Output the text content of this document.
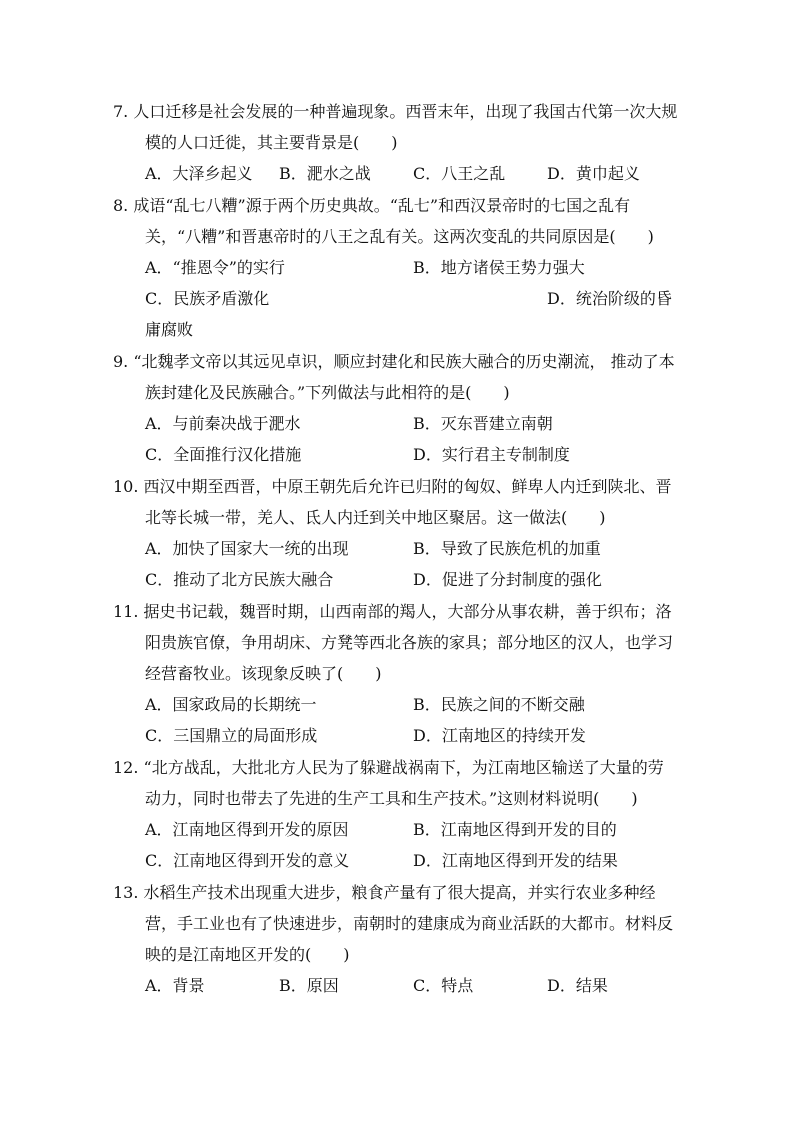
7. 人口迁移是社会发展的一种普遍现象。西晋末年，出现了我国古代第一次大规模的人口迁徙，其主要背景是(　　)
A．大泽乡起义 B．淝水之战	C．八王之乱	D．黄巾起义
8. 成语“乱七八糟”源于两个历史典故。“乱七”和西汉景帝时的七国之乱有关，“八糟”和晋惠帝时的八王之乱有关。这两次变乱的共同原因是(　　)
A．“推恩令”的实行	B．地方诸侯王势力强大
C．民族矛盾激化	D．统治阶级的昏
庸腐败
9. “北魏孝文帝以其远见卓识，顺应封建化和民族大融合的历史潮流， 推动了本族封建化及民族融合。”下列做法与此相符的是(　　)
A．与前秦决战于淝水	B．灭东晋建立南朝
C．全面推行汉化措施	D．实行君主专制制度
10. 西汉中期至西晋，中原王朝先后允许已归附的匈奴、鲜卑人内迁到陕北、晋北等长城一带，羌人、氐人内迁到关中地区聚居。这一做法(　　)
A．加快了国家大一统的出现	B．导致了民族危机的加重
C．推动了北方民族大融合	D．促进了分封制度的强化
11. 据史书记载，魏晋时期，山西南部的羯人，大部分从事农耕，善于织布；洛阳贵族官僚，争用胡床、方凳等西北各族的家具；部分地区的汉人，也学习经营畜牧业。该现象反映了(　　)
A．国家政局的长期统一	B．民族之间的不断交融
C．三国鼎立的局面形成	D．江南地区的持续开发
12. “北方战乱，大批北方人民为了躲避战祸南下，为江南地区输送了大量的劳动力，同时也带去了先进的生产工具和生产技术。”这则材料说明(　　)
A．江南地区得到开发的原因	B．江南地区得到开发的目的
C．江南地区得到开发的意义	D．江南地区得到开发的结果
13. 水稻生产技术出现重大进步，粮食产量有了很大提高，并实行农业多种经营，手工业也有了快速进步，南朝时的建康成为商业活跃的大都市。材料反映的是江南地区开发的(　　)
A．背景	B．原因	C．特点	D．结果
